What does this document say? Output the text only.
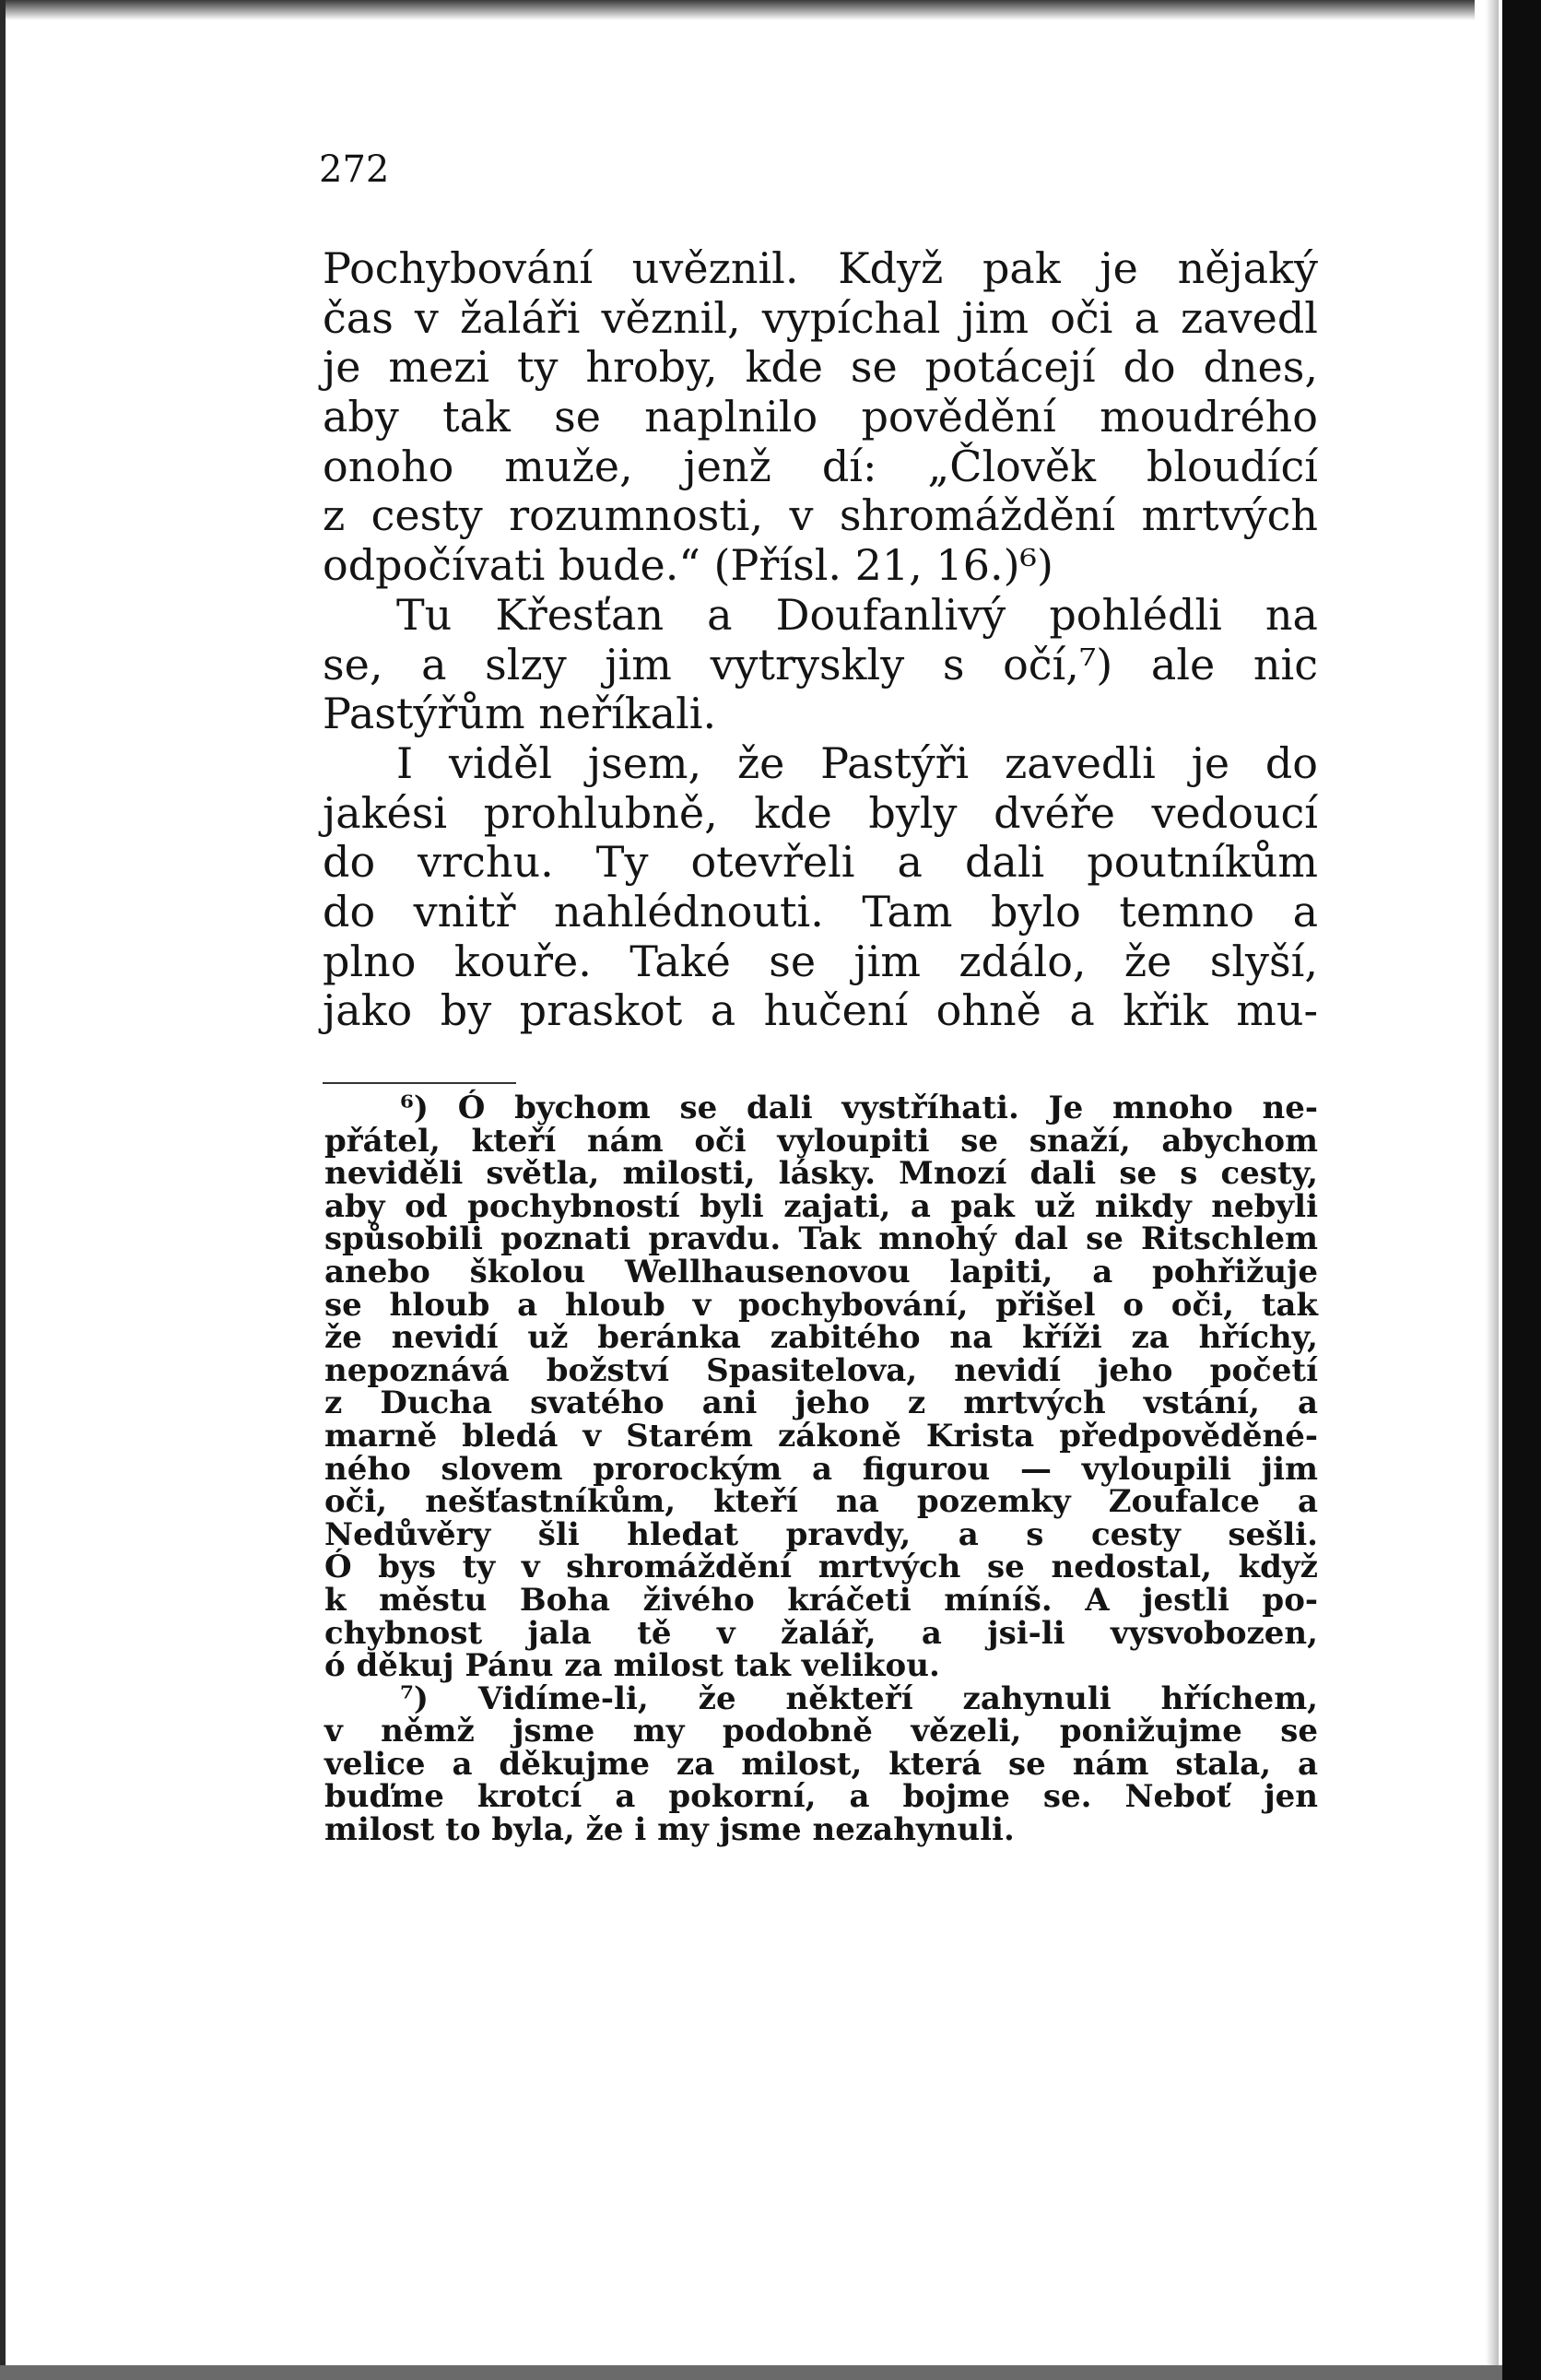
272
Pochybování uvěznil. Když pak je nějaký
čas v žaláři věznil, vypíchal jim oči a zavedl
je mezi ty hroby, kde se potácejí do dnes,
aby tak se naplnilo povědění moudrého
onoho muže, jenž dí: „Člověk bloudící
z cesty rozumnosti, v shromáždění mrtvých
odpočívati bude.“ (Přísl. 21, 16.)⁶)
Tu Křesťan a Doufanlivý pohlédli na
se, a slzy jim vytryskly s očí,⁷) ale nic
Pastýřům neříkali.
I viděl jsem, že Pastýři zavedli je do
jakési prohlubně, kde byly dvéře vedoucí
do vrchu. Ty otevřeli a dali poutníkům
do vnitř nahlédnouti. Tam bylo temno a
plno kouře. Také se jim zdálo, že slyší,
jako by praskot a hučení ohně a křik mu-
⁶) Ó bychom se dali vystříhati. Je mnoho ne-
přátel, kteří nám oči vyloupiti se snaží, abychom
neviděli světla, milosti, lásky. Mnozí dali se s cesty,
aby od pochybností byli zajati, a pak už nikdy nebyli
spůsobili poznati pravdu. Tak mnohý dal se Ritschlem
anebo školou Wellhausenovou lapiti, a pohřižuje
se hloub a hloub v pochybování, přišel o oči, tak
že nevidí už beránka zabitého na kříži za hříchy,
nepoznává božství Spasitelova, nevidí jeho početí
z Ducha svatého ani jeho z mrtvých vstání, a
marně bledá v Starém zákoně Krista předpověděné-
ného slovem prorockým a figurou — vyloupili jim
oči, nešťastníkům, kteří na pozemky Zoufalce a
Nedůvěry šli hledat pravdy, a s cesty sešli.
Ó bys ty v shromáždění mrtvých se nedostal, když
k městu Boha živého kráčeti míníš. A jestli po-
chybnost jala tě v žalář, a jsi-li vysvobozen,
ó děkuj Pánu za milost tak velikou.
⁷) Vidíme-li, že někteří zahynuli hříchem,
v němž jsme my podobně vězeli, ponižujme se
velice a děkujme za milost, která se nám stala, a
buďme krotcí a pokorní, a bojme se. Neboť jen
milost to byla, že i my jsme nezahynuli.
